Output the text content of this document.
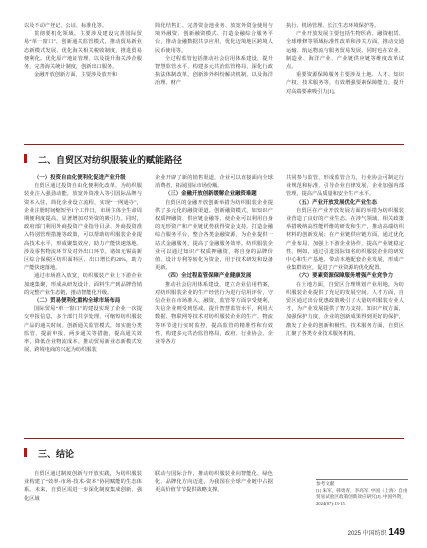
以及不动产登记、公证、标准化等。

贯彻要机化领域。主要涉及建设完善国际贸易“单一窗口”，创新通关监管模式，推动贸易新业态新模式发展、优化海关相关税收制度，推进贸易便利化。优化原产地证管理，以及提升海关涉企服务，完善海关统计制度，创新出口服务。

金融开放创新方面，主要涉及放开和

简化结售汇、完善资金池业务、放宽外资金使用与境外融资、创新融资模式、打造金融综合服务平台，推动金融数据共享应用、优化迈境地区跨境人民币使用等。

全过程监管包括推动社会信用体系建设，提升智慧监管水平，构建多元共治监管格局、深化行政执法体制改革，创新涉外纠纷解决机制，以及海洋治理、财产

执行、机场管理、长江生态环境保护等。

产业开放发展主要包括生物医药、融资租赁、全球维修等领域标准性改革和涉关方面，推动交通运输、航运物流与服务贸易发展、同时也在农业、制造业、海洋产业、产业链供应链等维度改革试点。

重要资源保障服务主要涉及土地、人才、知识产权、技术服务等，有效增强要素保障能力，提升对高端要素吸引力[1]。

二、自贸区对纺织服装业的赋能路径

（一）投资自由化便利化促进产业升级

自贸区通过投资自由化便利化改革，为纺织服装业注入强劲动能，放宽外资准入等引国际品牌与资本入驻，简化企业设立流程，实现“一网通办”，企业注册时间缩短至1个工作日，市场主体全生命周期便利度提高，显著增加对外资的吸引力。同时，政府部门利用外商投资产业指导目录、外商投资准入特别管理措施等政策，可以帮助纺织服装企业提高技术水平，形成聚集效应，助力产能快速落地、涉及零售物流环节及对外出口环节。诸如无锡高新区综合保税区纺织面料区、出口增长约20%，助力产能快速落地。

通过市场准入放宽，纺织服装产业上下游企业加速集聚，形成从研发设计、面料生产到品牌营销的完整产业生态链，推动智能化升级。

（二）贸易便利化重构全球市场布局

国际贸易“单一窗口”的建设实现了企业一次提交申报信息，多个部门共享处理，可缩短纺织服装产品的通关时间。创新通关监管模式，如实施分类监管、提前申报、两步通关等措施，提高通关效率，降低企业物流成本。推动贸易新业态新模式发展，跨境电商的兴起为纺织服装

企业开辟了新的销售渠道，企业可以直接面向全球消费者，拓展国际市场份额。

（三）金融开放创新缓解企业融资难题

自贸区的金融开放创新举措为纺织服装企业提供了多元化的融资渠道。创新融资模式，如知识产权质押融资、供应链金融等，使企业可以利用自身的无形资产和产业链优势获得资金支持。打造金融综合服务平台，整合各类金融资源，为企业提供一站式金融服务，提高了金融服务效率。纺织服装企业可以通过知识产权质押融资，将自身的品牌价值、设计专利等转化为资金，用于技术研发和设备更新。

（四）全过程监管保障产业健康发展

推动社会信用体系建设，建立企业信用档案，对纺织服装企业的生产经营行为进行信用评价，守信企业在市场准入、融资、监管等方面享受便利，失信企业则受到惩戒。提升智慧监管水平，利用大数据、物联网等技术对纺织服装企业的生产、物流等环节进行实时监控，提高监管的精准性和有效性，构建多元共治监管格局，政府、行业协会、企业等各方

共同参与监管，形成监管合力，行业协会可制定行业规范和标准，引导企业自律发展，企业加强内部管理，提高产品质量和安全生产水平。

（五）产业开放发展优化产业生态

自贸区在产业开放发展方面的举措为纺织服装业营造了良好的产业生态。在涉气领域，相关政策举措吸纳高性能纤维的研发和生产，推动高端纺织材料的创新发展；在产业链供应链方面，通过优化产业布局、加强上下游企业协作，提高产业链稳定性。例如，通过引进国际知名纺织服装企业的研发中心和生产基地，带动本地配套企业发展，形成产业集群效应，促进了产业资源的优化配置。

（六）要素资源保障服务增强产业竞争力

在土地方面，自贸区合理规划产业用地，为纺织服装企业提供了充足的发展空间。人才方面，自贸区通过出台优惠政策吸引了大量纺织服装专业人才，为产业发展提供了智力支持。知识产权方面，加强保护力度，企业的创新成果得到更好的保护，激发了企业的创新积极性。技术服务方面，自贸区汇聚了各类专业技术服务机构。

三、结论

自贸区通过制度创新与开放实践，为纺织服装业构建了“效率-市场-技术-资本”协同赋能的生态体系。未来，自贸区需进一步深化制度集成创新，强化区域

联动与国际合作，推动纺织服装业向智能化、绿色化、品牌化方向迈进，为我国在全球产业链中占据更高价值节节提供战略支撑。

参考文献
[1] 朱军，韩勇青，李高军. 中国（上海）自由贸易试验区政策创新效应研究[J]. 中国外资，2024(07):13-15.
2025 中国纺织 149
